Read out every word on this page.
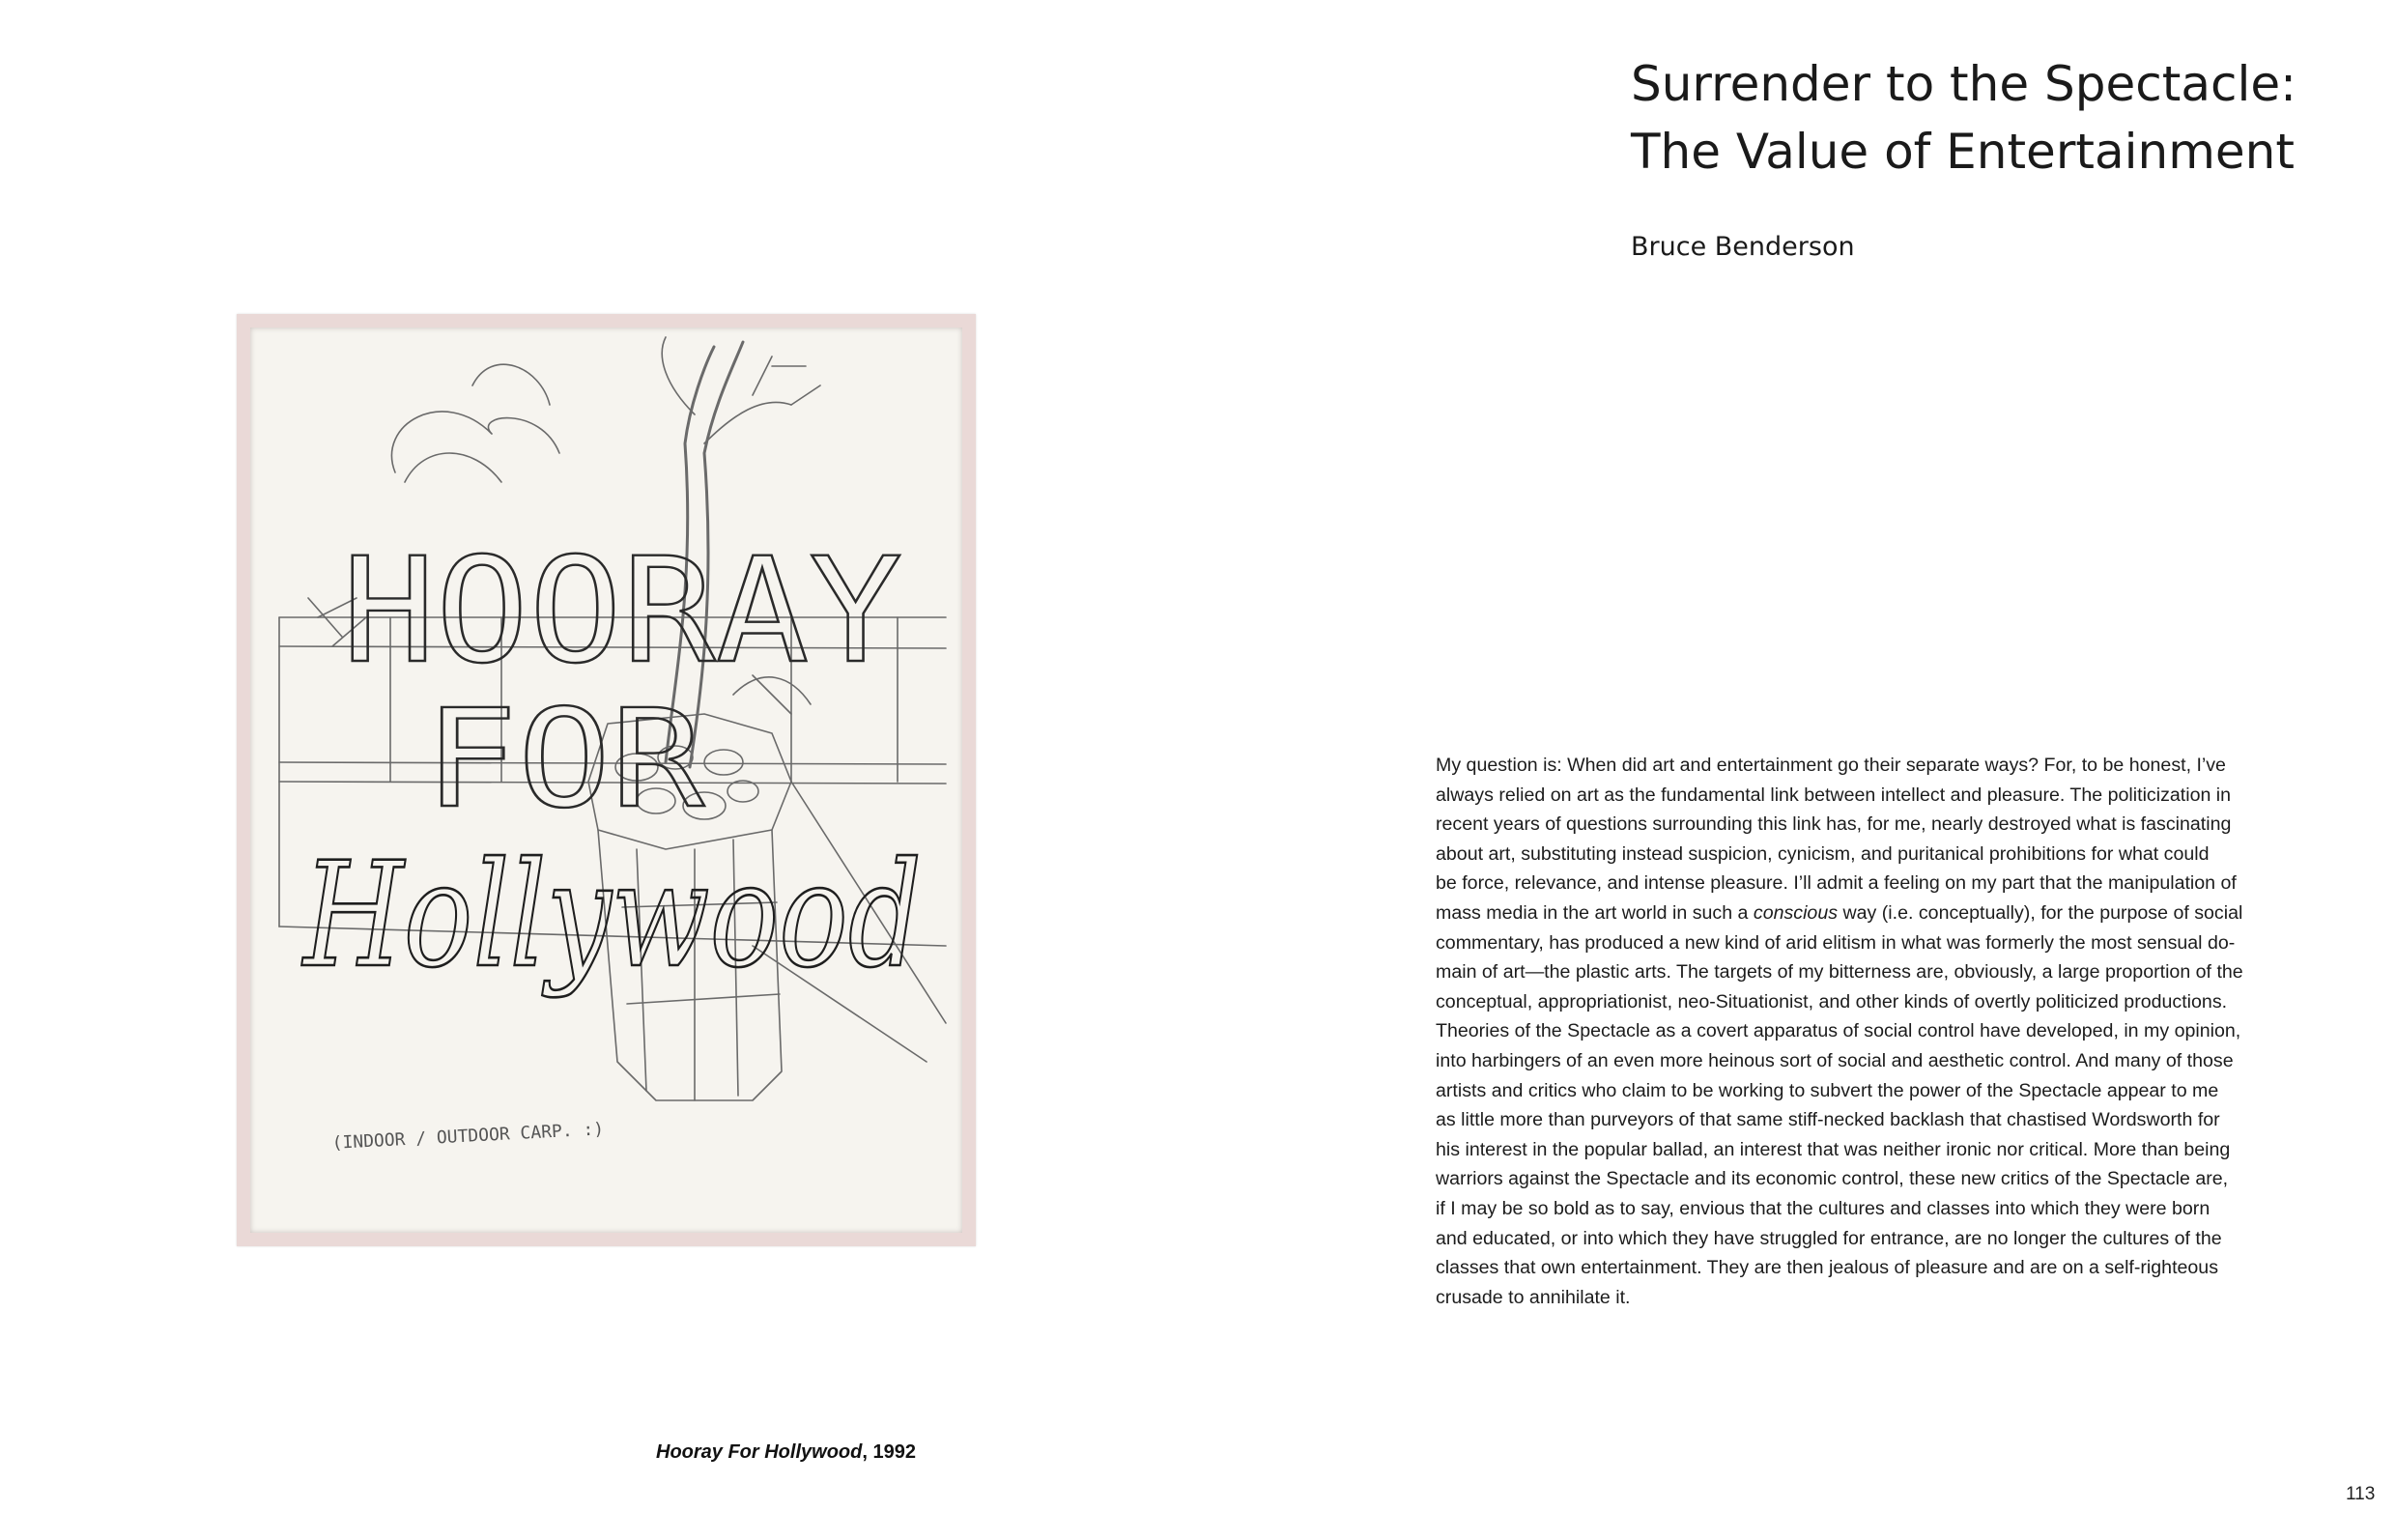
Surrender to the Spectacle:
The Value of Entertainment
Bruce Benderson
HOORAY
FOR
Hollywood
(INDOOR / OUTDOOR CARP. :)
Hooray For Hollywood, 1992
My question is: When did art and entertainment go their separate ways? For, to be honest, I’ve
always relied on art as the fundamental link between intellect and pleasure. The politicization in
recent years of questions surrounding this link has, for me, nearly destroyed what is fascinating
about art, substituting instead suspicion, cynicism, and puritanical prohibitions for what could
be force, relevance, and intense pleasure. I’ll admit a feeling on my part that the manipulation of
mass media in the art world in such a conscious way (i.e. conceptually), for the purpose of social
commentary, has produced a new kind of arid elitism in what was formerly the most sensual do-
main of art—the plastic arts. The targets of my bitterness are, obviously, a large proportion of the
conceptual, appropriationist, neo-Situationist, and other kinds of overtly politicized productions.
Theories of the Spectacle as a covert apparatus of social control have developed, in my opinion,
into harbingers of an even more heinous sort of social and aesthetic control. And many of those
artists and critics who claim to be working to subvert the power of the Spectacle appear to me
as little more than purveyors of that same stiff-necked backlash that chastised Wordsworth for
his interest in the popular ballad, an interest that was neither ironic nor critical. More than being
warriors against the Spectacle and its economic control, these new critics of the Spectacle are,
if I may be so bold as to say, envious that the cultures and classes into which they were born
and educated, or into which they have struggled for entrance, are no longer the cultures of the
classes that own entertainment. They are then jealous of pleasure and are on a self-righteous
crusade to annihilate it.
113
